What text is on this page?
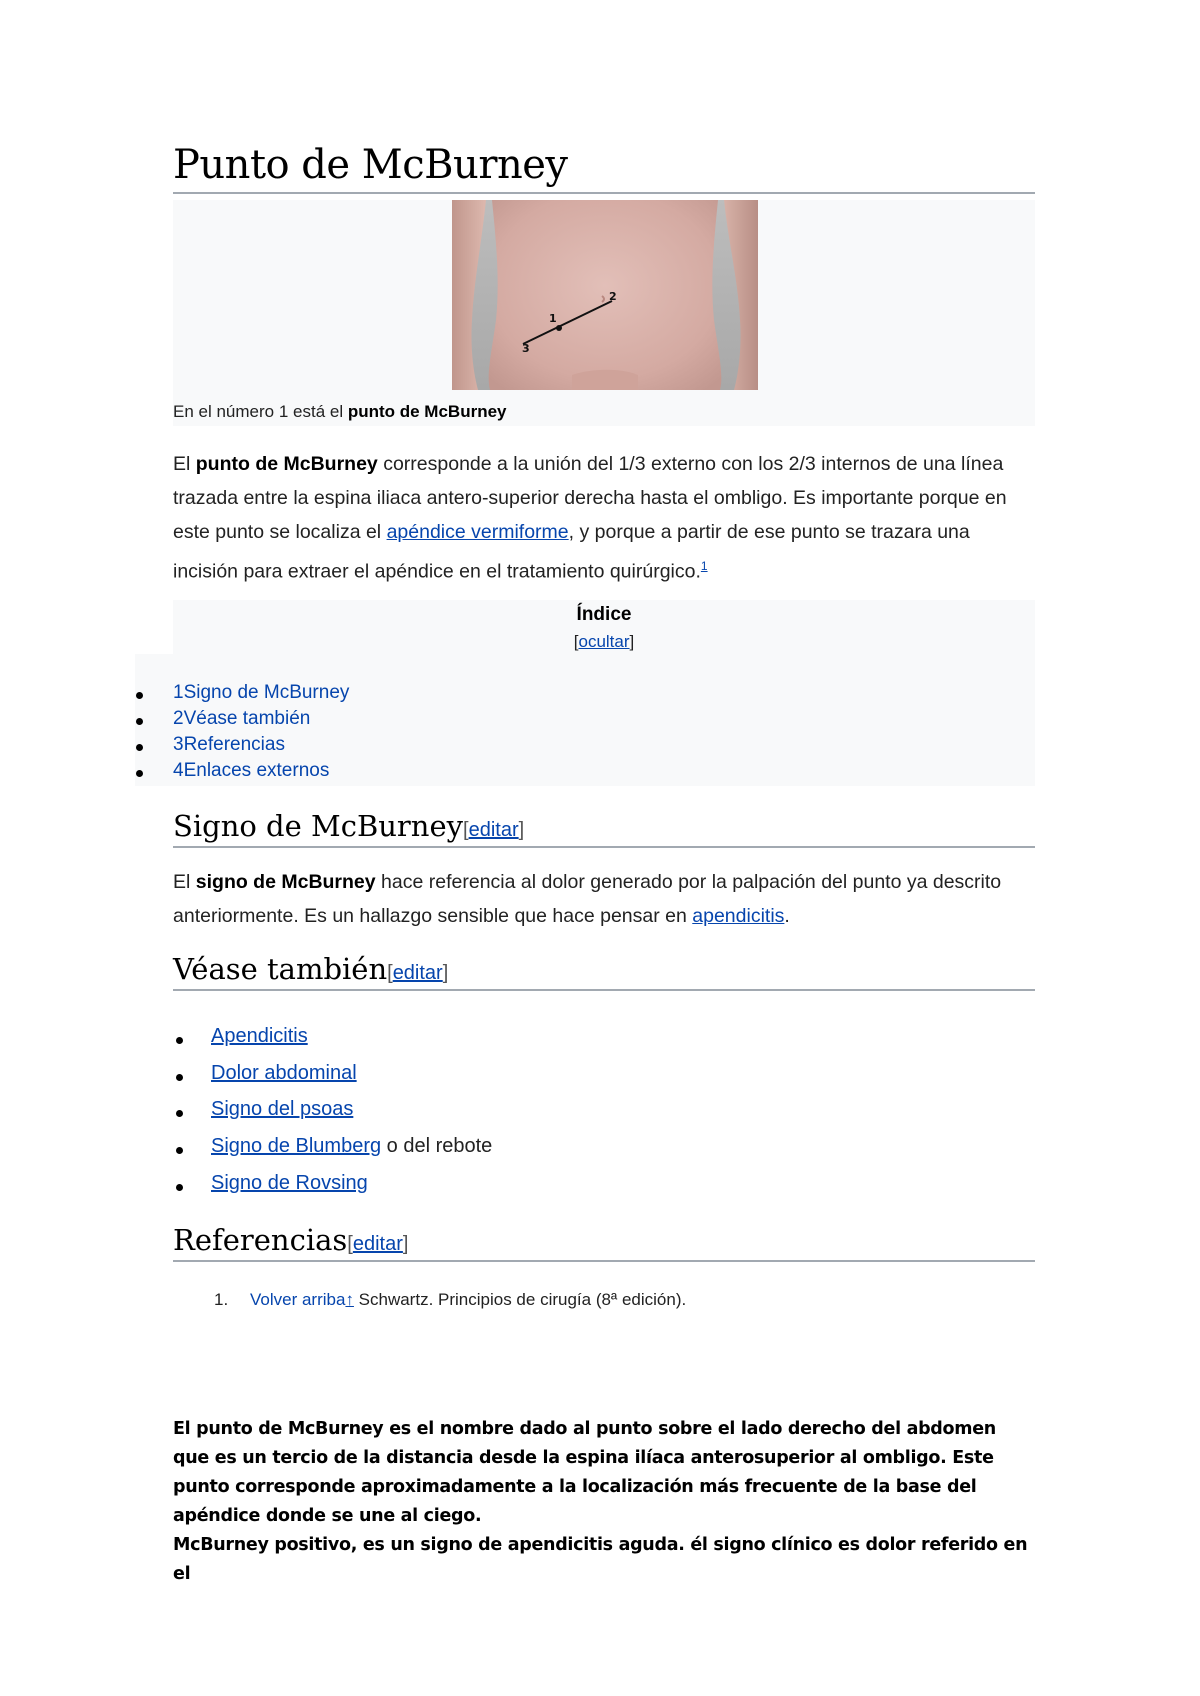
Punto de McBurney
1
2
3
En el número 1 está el punto de McBurney

El punto de McBurney corresponde a la unión del 1/3 externo con los 2/3 internos de una línea trazada entre la espina iliaca antero-superior derecha hasta el ombligo. Es importante porque en este punto se localiza el apéndice vermiforme, y porque a partir de ese punto se trazara una incisión para extraer el apéndice en el tratamiento quirúrgico.$^1$

Índice
[ocultar]
1Signo de McBurney
2Véase también
3Referencias
4Enlaces externos
Signo de McBurney[editar]

El signo de McBurney hace referencia al dolor generado por la palpación del punto ya descrito anteriormente. Es un hallazgo sensible que hace pensar en apendicitis.

Véase también[editar]
Apendicitis
Dolor abdominal
Signo del psoas
Signo de Blumberg o del rebote
Signo de Rovsing
Referencias[editar]
1. Volver arriba↑ Schwartz. Principios de cirugía (8ª edición).

El punto de McBurney es el nombre dado al punto sobre el lado derecho del abdomen que es un tercio de la distancia desde la espina ilíaca anterosuperior al ombligo. Este punto corresponde aproximadamente a la localización más frecuente de la base del apéndice donde se une al ciego.

McBurney positivo, es un signo de apendicitis aguda. él signo clínico es dolor referido en el
